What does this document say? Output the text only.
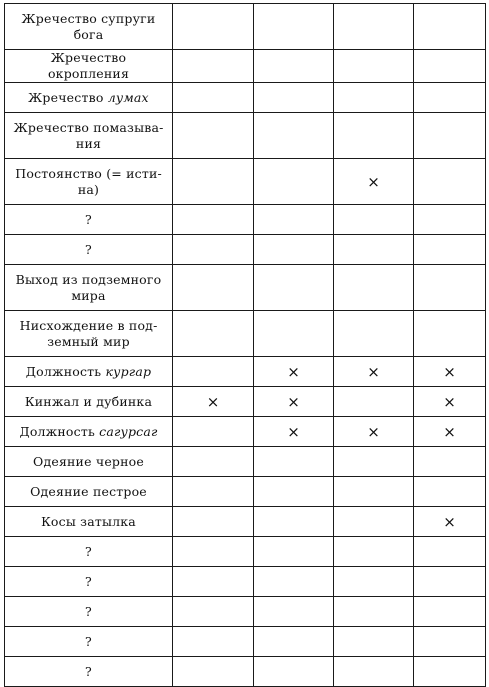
Жречество супруги бога				
Жречество окропления				
Жречество лумах				
Жречество помазывания				
Постоянство (= истина)			×	
?				
?				
Выход из подземного мира				
Нисхождение в подземный мир				
Должность кургар		×	×	×
Кинжал и дубинка	×	×		×
Должность сагурсаг		×	×	×
Одеяние черное				
Одеяние пестрое				
Косы затылка				×
?				
?				
?				
?				
?				
